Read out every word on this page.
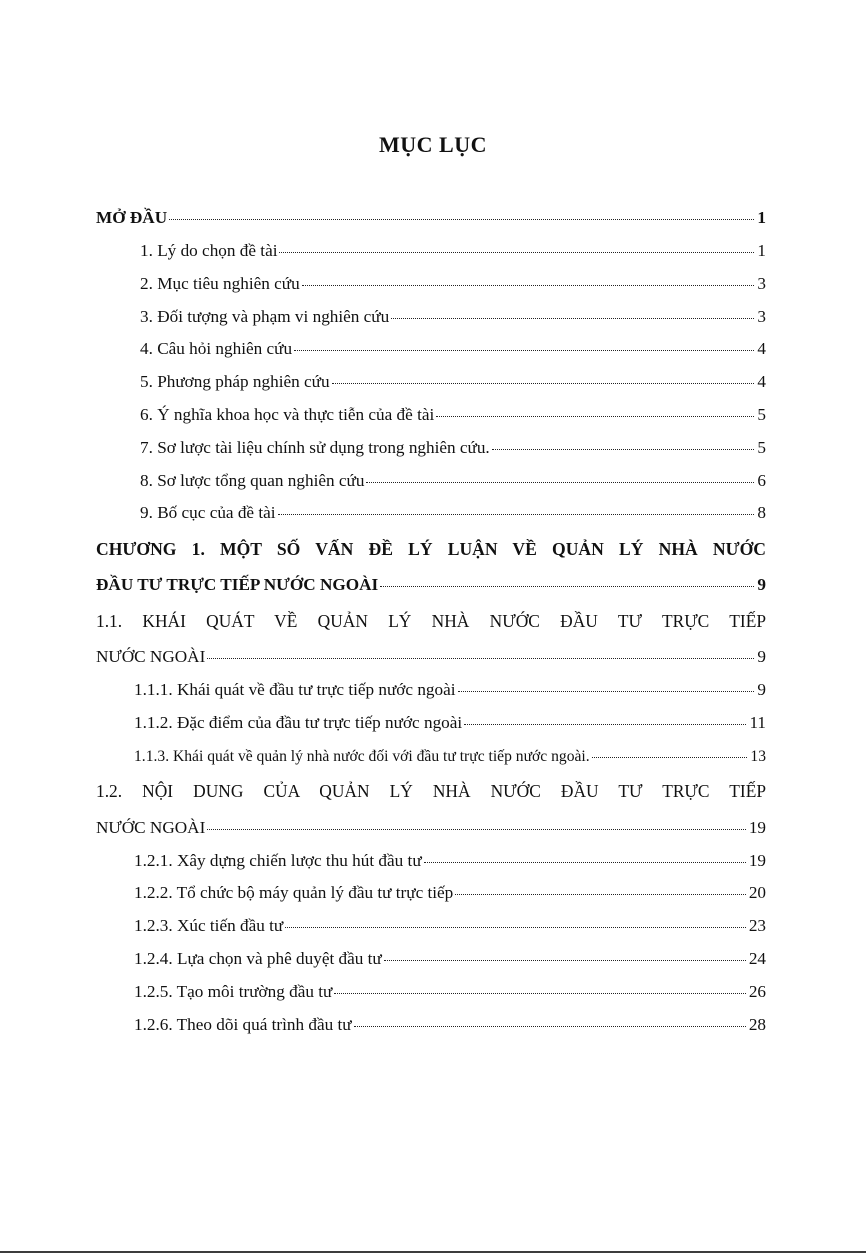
MỤC LỤC
MỞ ĐẦU	1
1. Lý do chọn đề tài	1
2. Mục tiêu nghiên cứu	3
3. Đối tượng và phạm vi nghiên cứu	3
4. Câu hỏi nghiên cứu	4
5. Phương pháp nghiên cứu	4
6. Ý nghĩa khoa học và thực tiễn của đề tài	5
7. Sơ lược tài liệu chính sử dụng trong nghiên cứu.	5
8. Sơ lược tổng quan nghiên cứu	6
9. Bố cục của đề tài	8
CHƯƠNG 1. MỘT SỐ VẤN ĐỀ LÝ LUẬN VỀ QUẢN LÝ NHÀ NƯỚC
ĐẦU TƯ TRỰC TIẾP NƯỚC NGOÀI	9
1.1. KHÁI QUÁT VỀ QUẢN LÝ NHÀ NƯỚC ĐẦU TƯ TRỰC TIẾP
NƯỚC NGOÀI	9
1.1.1. Khái quát về đầu tư trực tiếp nước ngoài	9
1.1.2. Đặc điểm của đầu tư trực tiếp nước ngoài	11
1.1.3. Khái quát về quản lý nhà nước đối với đầu tư trực tiếp nước ngoài.	13
1.2. NỘI DUNG CỦA QUẢN LÝ NHÀ NƯỚC ĐẦU TƯ TRỰC TIẾP
NƯỚC NGOÀI	19
1.2.1. Xây dựng chiến lược thu hút đầu tư	19
1.2.2. Tổ chức bộ máy quản lý đầu tư trực tiếp	20
1.2.3. Xúc tiến đầu tư	23
1.2.4. Lựa chọn và phê duyệt đầu tư	24
1.2.5. Tạo môi trường đầu tư	26
1.2.6. Theo dõi quá trình đầu tư	28
